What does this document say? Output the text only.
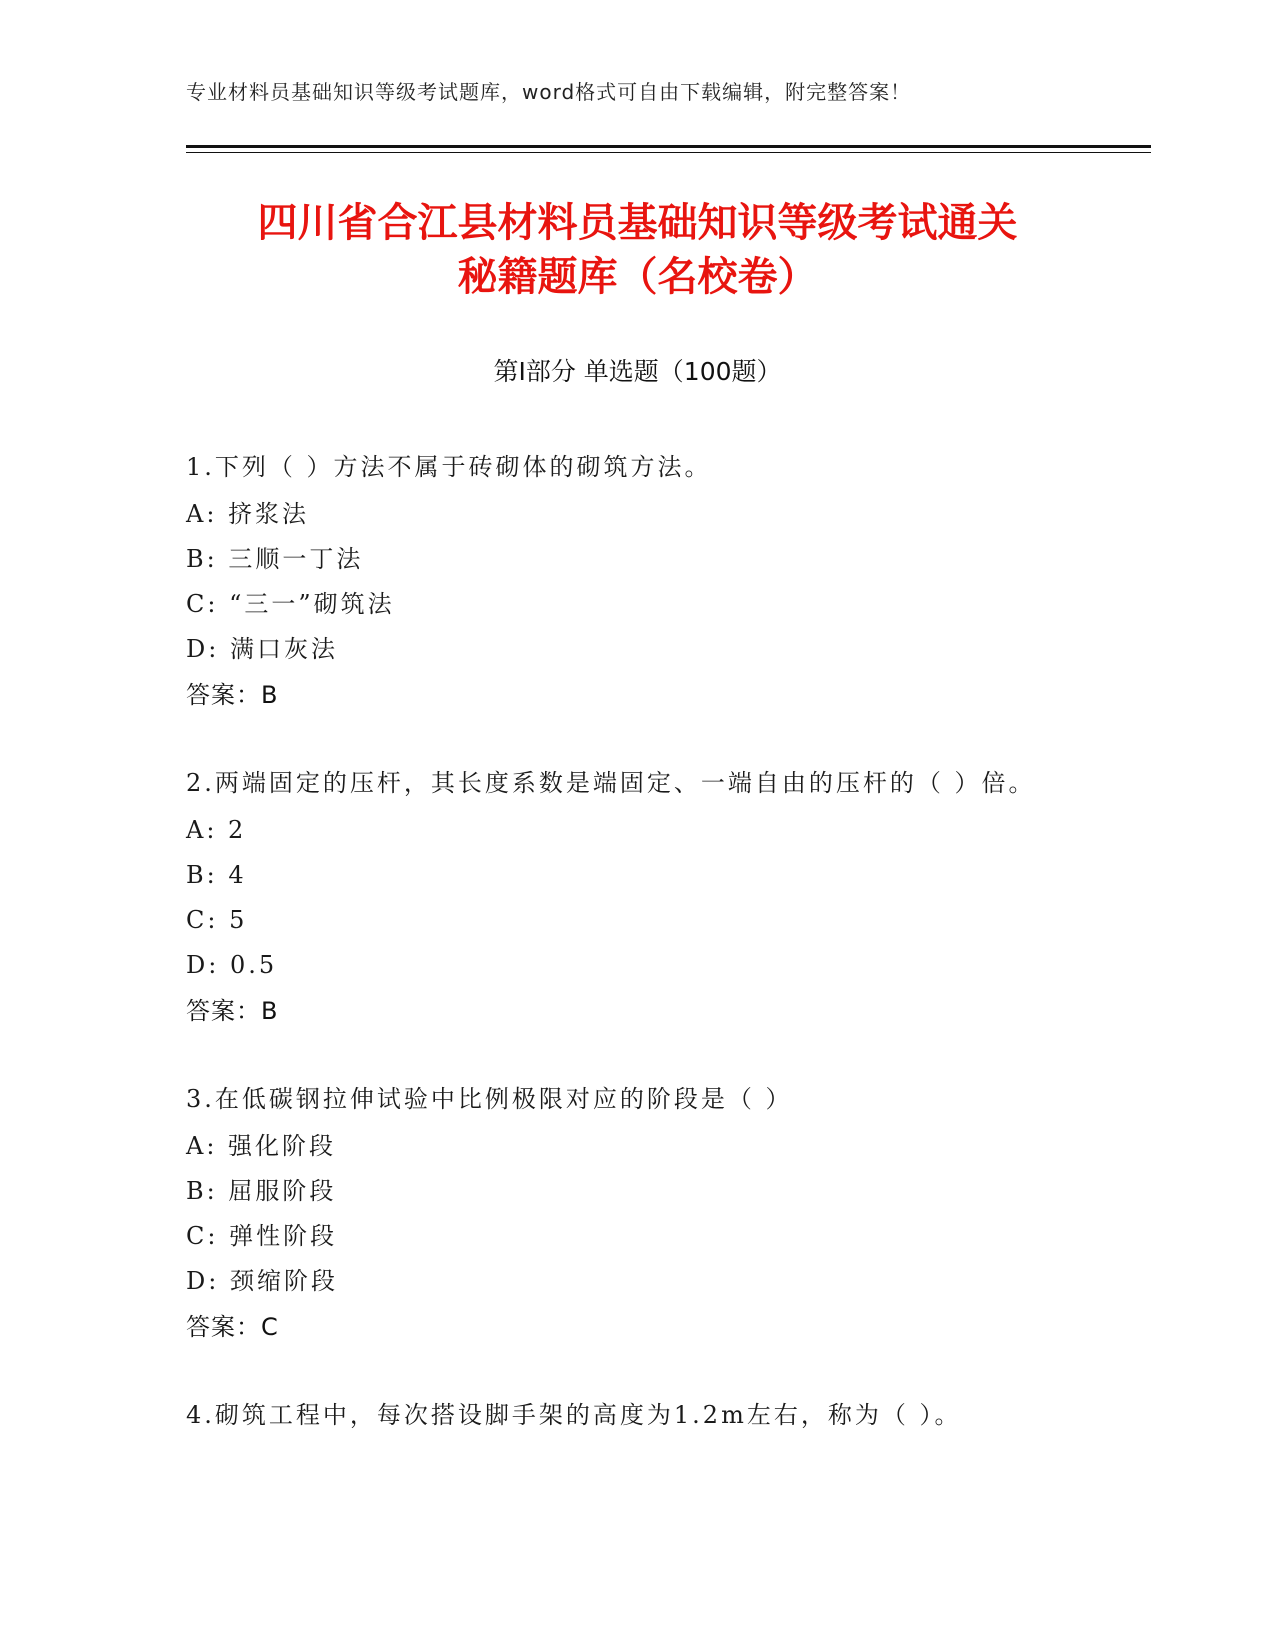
专业材料员基础知识等级考试题库，word格式可自由下载编辑，附完整答案！
四川省合江县材料员基础知识等级考试通关
秘籍题库（名校卷）
第Ⅰ部分 单选题（100题）

1.下列（ ）方法不属于砖砌体的砌筑方法。

A: 挤浆法

B: 三顺一丁法

C: “三一”砌筑法

D: 满口灰法

答案：B

2.两端固定的压杆，其长度系数是端固定、一端自由的压杆的（ ）倍。

A: 2

B: 4

C: 5

D: 0.5

答案：B

3.在低碳钢拉伸试验中比例极限对应的阶段是（ ）

A: 强化阶段

B: 屈服阶段

C: 弹性阶段

D: 颈缩阶段

答案：C

4.砌筑工程中，每次搭设脚手架的高度为1.2m左右，称为（ ）。
